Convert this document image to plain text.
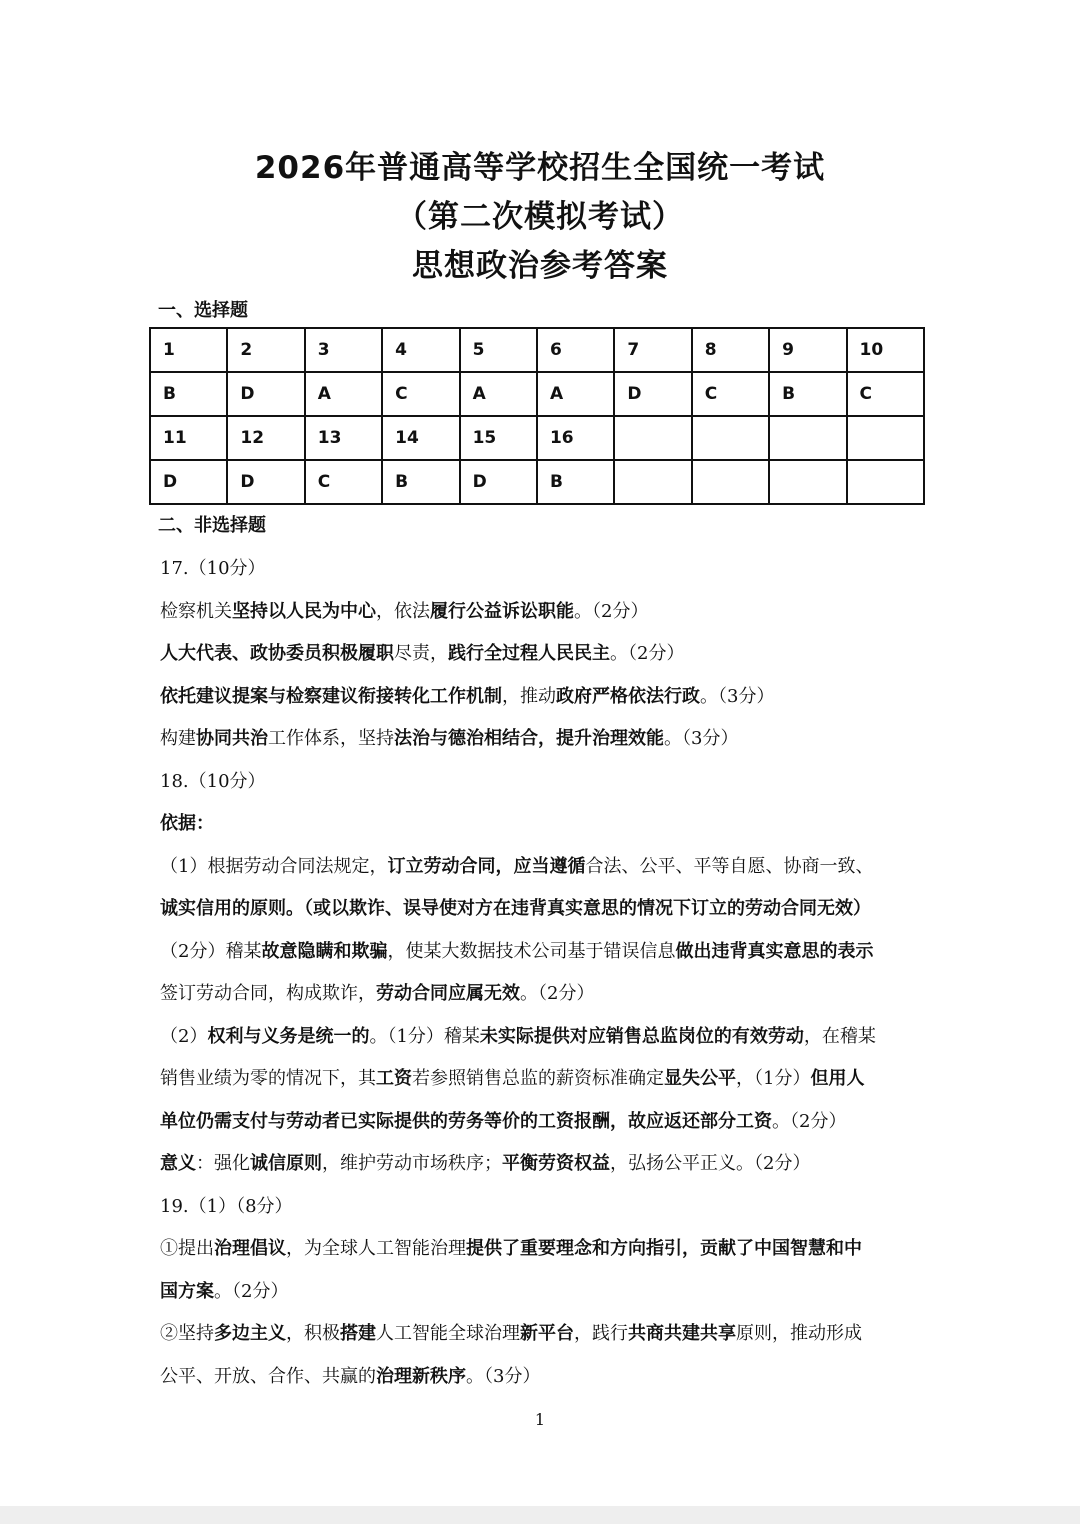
2026年普通高等学校招生全国统一考试
（第二次模拟考试）
思想政治参考答案
一、选择题
1	2	3	4	5	6	7	8	9	10
B	D	A	C	A	A	D	C	B	C
11	12	13	14	15	16				
D	D	C	B	D	B				
二、非选择题

17.（10分）

检察机关坚持以人民为中心，依法履行公益诉讼职能。（2分）

人大代表、政协委员积极履职尽责，践行全过程人民民主。（2分）

依托建议提案与检察建议衔接转化工作机制，推动政府严格依法行政。（3分）

构建协同共治工作体系，坚持法治与德治相结合，提升治理效能。（3分）

18.（10分）

依据：

（1）根据劳动合同法规定，订立劳动合同，应当遵循合法、公平、平等自愿、协商一致、

诚实信用的原则。（或以欺诈、误导使对方在违背真实意思的情况下订立的劳动合同无效）

（2分）稽某故意隐瞒和欺骗，使某大数据技术公司基于错误信息做出违背真实意思的表示

签订劳动合同，构成欺诈，劳动合同应属无效。（2分）

（2）权利与义务是统一的。（1分）稽某未实际提供对应销售总监岗位的有效劳动，在稽某

销售业绩为零的情况下，其工资若参照销售总监的薪资标准确定显失公平，（1分）但用人

单位仍需支付与劳动者已实际提供的劳务等价的工资报酬，故应返还部分工资。（2分）

意义：强化诚信原则，维护劳动市场秩序；平衡劳资权益，弘扬公平正义。（2分）

19.（1）（8分）

①提出治理倡议，为全球人工智能治理提供了重要理念和方向指引，贡献了中国智慧和中

国方案。（2分）

②坚持多边主义，积极搭建人工智能全球治理新平台，践行共商共建共享原则，推动形成

公平、开放、合作、共赢的治理新秩序。（3分）

1
